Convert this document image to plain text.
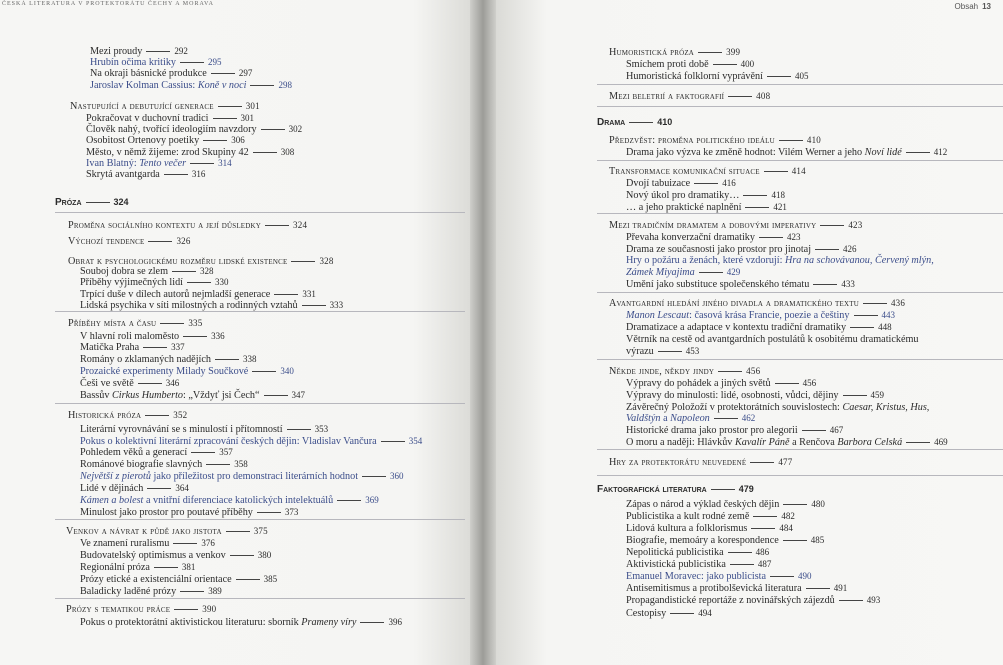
ČESKÁ LITERATURA V PROTEKTORÁTU ČECHY A MORAVA
Mezi proudy	292
Hrubín očima kritiky	295
Na okraji básnické produkce	297
Jaroslav Kolman Cassius: Koně v noci	298
Nastupující a debutující generace	301
Pokračovat v duchovní tradici	301
Člověk nahý, tvořící ideologiím navzdory	302
Osobitost Ortenovy poetiky	306
Město, v němž žijeme: zrod Skupiny 42	308
Ivan Blatný: Tento večer	314
Skrytá avantgarda	316
Próza	324
Proměna sociálního kontextu a její důsledky	324
Výchozí tendence	326
Obrat k psychologickému rozměru lidské existence	328
Souboj dobra se zlem	328
Příběhy výjimečných lidí	330
Trpící duše v dílech autorů nejmladší generace	331
Lidská psychika v síti milostných a rodinných vztahů	333
Příběhy místa a času	335
V hlavní roli maloměsto	336
Matička Praha	337
Romány o zklamaných nadějích	338
Prozaické experimenty Milady Součkové	340
Češi ve světě	346
Bassův Cirkus Humberto: „Vždyť jsi Čech“	347
Historická próza	352
Literární vyrovnávání se s minulostí i přítomností	353
Pokus o kolektivní literární zpracování českých dějin: Vladislav Vančura	354
Pohledem věků a generací	357
Románové biografie slavných	358
Největší z pierotů jako příležitost pro demonstraci literárních hodnot	360
Lidé v dějinách	364
Kámen a bolest a vnitřní diferenciace katolických intelektuálů	369
Minulost jako prostor pro poutavé příběhy	373
Venkov a návrat k půdě jako jistota	375
Ve znamení ruralismu	376
Budovatelský optimismus a venkov	380
Regionální próza	381
Prózy etické a existenciální orientace	385
Baladicky laděné prózy	389
Prózy s tematikou práce	390
Pokus o protektorátní aktivistickou literaturu: sborník Prameny víry	396
Obsah 13
Humoristická próza	399
Smíchem proti době	400
Humoristická folklorní vyprávění	405
Mezi beletrií a faktografií	408
Drama	410
Předzvěst: proměna politického ideálu	410
Drama jako výzva ke změně hodnot: Vilém Werner a jeho Noví lidé	412
Transformace komunikační situace	414
Dvojí tabuizace	416
Nový úkol pro dramatiky…	418
… a jeho praktické naplnění	421
Mezi tradičním dramatem a dobovými imperativy	423
Převaha konverzační dramatiky	423
Drama ze současnosti jako prostor pro jinotaj	426
Hry o požáru a ženách, které vzdorují: Hra na schovávanou, Červený mlýn,
Zámek Miyajima	429
Umění jako substituce společenského tématu	433
Avantgardní hledání jiného divadla a dramatického textu	436
Manon Lescaut: časová krása Francie, poezie a češtiny	443
Dramatizace a adaptace v kontextu tradiční dramatiky	448
Větrník na cestě od avantgardních postulátů k osobitému dramatickému
výrazu	453
Někde jinde, někdy jindy	456
Výpravy do pohádek a jiných světů	456
Výpravy do minulosti: lidé, osobnosti, vůdci, dějiny	459
Závěrečný Položoží v protektorátních souvislostech: Caesar, Kristus, Hus,
Valdštýn a Napoleon	462
Historické drama jako prostor pro alegorii	467
O moru a naději: Hlávkův Kavalír Páně a Renčova Barbora Celská	469
Hry za protektorátu neuvedené	477
Faktografická literatura	479
Zápas o národ a výklad českých dějin	480
Publicistika a kult rodné země	482
Lidová kultura a folklorismus	484
Biografie, memoáry a korespondence	485
Nepolitická publicistika	486
Aktivistická publicistika	487
Emanuel Moravec: jako publicista	490
Antisemitismus a protibolševická literatura	491
Propagandistické reportáže z novinářských zájezdů	493
Cestopisy	494
